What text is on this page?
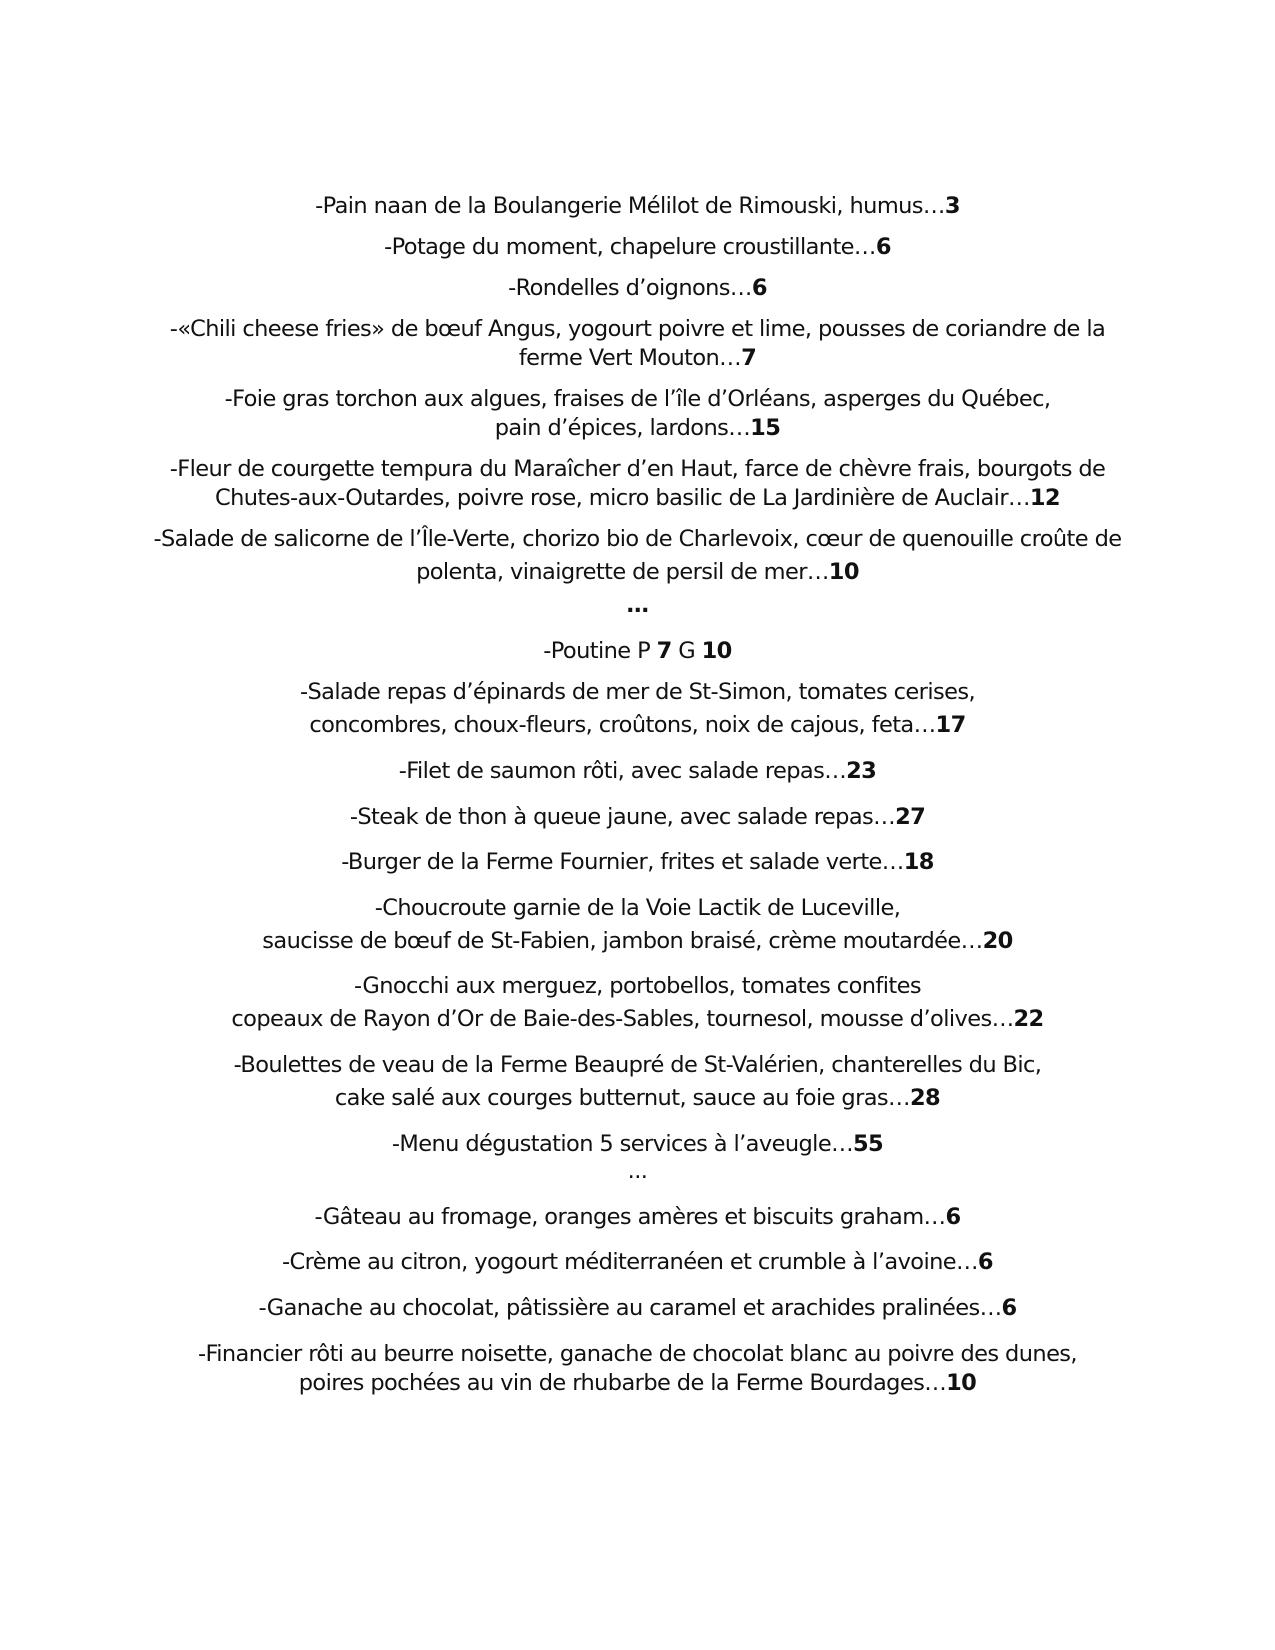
-Pain naan de la Boulangerie Mélilot de Rimouski, humus…3
-Potage du moment, chapelure croustillante…6
-Rondelles d’oignons…6
-«Chili cheese fries» de bœuf Angus, yogourt poivre et lime, pousses de coriandre de la
ferme Vert Mouton…7
-Foie gras torchon aux algues, fraises de l’île d’Orléans, asperges du Québec,
pain d’épices, lardons…15
-Fleur de courgette tempura du Maraîcher d’en Haut, farce de chèvre frais, bourgots de
Chutes-aux-Outardes, poivre rose, micro basilic de La Jardinière de Auclair…12
-Salade de salicorne de l’Île-Verte, chorizo bio de Charlevoix, cœur de quenouille croûte de
polenta, vinaigrette de persil de mer…10
…
-Poutine P 7 G 10
-Salade repas d’épinards de mer de St-Simon, tomates cerises,
concombres, choux-fleurs, croûtons, noix de cajous, feta…17
-Filet de saumon rôti, avec salade repas…23
-Steak de thon à queue jaune, avec salade repas…27
-Burger de la Ferme Fournier, frites et salade verte…18
-Choucroute garnie de la Voie Lactik de Luceville,
saucisse de bœuf de St-Fabien, jambon braisé, crème moutardée…20
-Gnocchi aux merguez, portobellos, tomates confites
copeaux de Rayon d’Or de Baie-des-Sables, tournesol, mousse d’olives…22
-Boulettes de veau de la Ferme Beaupré de St-Valérien, chanterelles du Bic,
cake salé aux courges butternut, sauce au foie gras…28
-Menu dégustation 5 services à l’aveugle…55
...
-Gâteau au fromage, oranges amères et biscuits graham…6
-Crème au citron, yogourt méditerranéen et crumble à l’avoine…6
-Ganache au chocolat, pâtissière au caramel et arachides pralinées…6
-Financier rôti au beurre noisette, ganache de chocolat blanc au poivre des dunes,
poires pochées au vin de rhubarbe de la Ferme Bourdages…10
